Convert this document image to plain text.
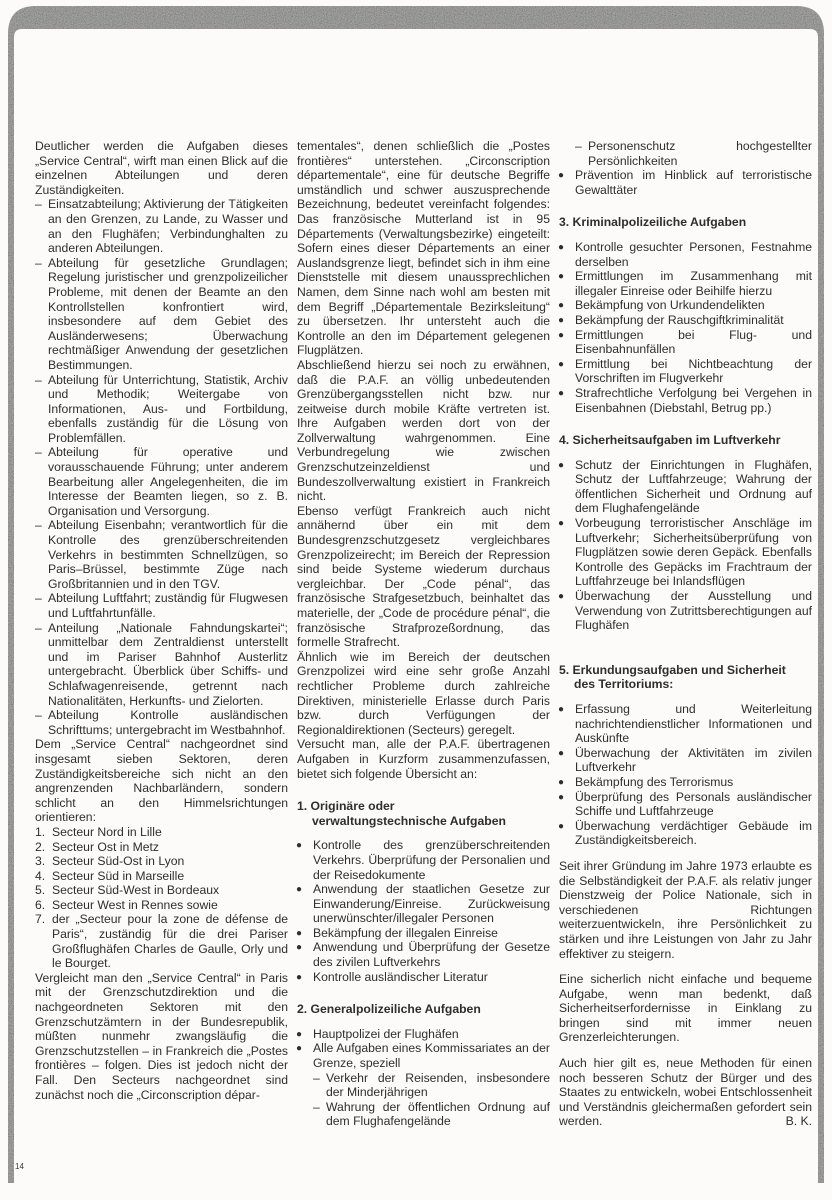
Deutlicher werden die Aufgaben dieses „Service Central“, wirft man einen Blick auf die einzelnen Abteilungen und deren Zuständigkeiten.

– Einsatzabteilung; Aktivierung der Tätigkeiten an den Grenzen, zu Lande, zu Wasser und an den Flughäfen; Verbindunghalten zu anderen Abteilungen.
– Abteilung für gesetzliche Grundlagen; Regelung juristischer und grenzpolizeilicher Probleme, mit denen der Beamte an den Kontrollstellen konfrontiert wird, insbesondere auf dem Gebiet des Ausländerwesens; Überwachung rechtmäßiger Anwendung der gesetzlichen Bestimmungen.
– Abteilung für Unterrichtung, Statistik, Archiv und Methodik; Weitergabe von Informationen, Aus- und Fortbildung, ebenfalls zuständig für die Lösung von Problemfällen.
– Abteilung für operative und vorausschauende Führung; unter anderem Bearbeitung aller Angelegenheiten, die im Interesse der Beamten liegen, so z. B. Organisation und Versorgung.
– Abteilung Eisenbahn; verantwortlich für die Kontrolle des grenzüberschreitenden Verkehrs in bestimmten Schnellzügen, so Paris–Brüssel, bestimmte Züge nach Großbritannien und in den TGV.
– Abteilung Luftfahrt; zuständig für Flugwesen und Luftfahrtunfälle.
– Anteilung „Nationale Fahndungskartei“; unmittelbar dem Zentraldienst unterstellt und im Pariser Bahnhof Austerlitz untergebracht. Überblick über Schiffs- und Schlafwagenreisende, getrennt nach Nationalitäten, Herkunfts- und Zielorten.
– Abteilung Kontrolle ausländischen Schrifttums; untergebracht im Westbahnhof.

Dem „Service Central“ nachgeordnet sind insgesamt sieben Sektoren, deren Zuständigkeitsbereiche sich nicht an den angrenzenden Nachbarländern, sondern schlicht an den Himmelsrichtungen orientieren:

1. Secteur Nord in Lille
2. Secteur Ost in Metz
3. Secteur Süd-Ost in Lyon
4. Secteur Süd in Marseille
5. Secteur Süd-West in Bordeaux
6. Secteur West in Rennes sowie
7. der „Secteur pour la zone de défense de Paris“, zuständig für die drei Pariser Großflughäfen Charles de Gaulle, Orly und le Bourget.

Vergleicht man den „Service Central“ in Paris mit der Grenzschutzdirektion und die nachgeordneten Sektoren mit den Grenzschutzämtern in der Bundesrepublik, müßten nunmehr zwangsläufig die Grenzschutzstellen – in Frankreich die „Postes frontières – folgen. Dies ist jedoch nicht der Fall. Den Secteurs nachgeordnet sind zunächst noch die „Circonscription dépar-

tementales“, denen schließlich die „Postes frontières“ unterstehen. „Circonscription départementale“, eine für deutsche Begriffe umständlich und schwer auszusprechende Bezeichnung, bedeutet vereinfacht folgendes: Das französische Mutterland ist in 95 Départements (Verwaltungsbezirke) eingeteilt: Sofern eines dieser Départements an einer Auslandsgrenze liegt, befindet sich in ihm eine Dienststelle mit diesem unaussprechlichen Namen, dem Sinne nach wohl am besten mit dem Begriff „Départementale Bezirksleitung“ zu übersetzen. Ihr untersteht auch die Kontrolle an den im Département gelegenen Flugplätzen.

Abschließend hierzu sei noch zu erwähnen, daß die P.A.F. an völlig unbedeutenden Grenzübergangsstellen nicht bzw. nur zeitweise durch mobile Kräfte vertreten ist. Ihre Aufgaben werden dort von der Zollverwaltung wahrgenommen. Eine Verbundregelung wie zwischen Grenzschutzeinzeldienst und Bundeszollverwaltung existiert in Frankreich nicht.

Ebenso verfügt Frankreich auch nicht annähernd über ein mit dem Bundesgrenzschutzgesetz vergleichbares Grenzpolizeirecht; im Bereich der Repression sind beide Systeme wiederum durchaus vergleichbar. Der „Code pénal“, das französische Strafgesetzbuch, beinhaltet das materielle, der „Code de procédure pénal“, die französische Strafprozeßordnung, das formelle Strafrecht.

Ähnlich wie im Bereich der deutschen Grenzpolizei wird eine sehr große Anzahl rechtlicher Probleme durch zahlreiche Direktiven, ministerielle Erlasse durch Paris bzw. durch Verfügungen der Regionaldirektionen (Secteurs) geregelt.

Versucht man, alle der P.A.F. übertragenen Aufgaben in Kurzform zusammenzufassen, bietet sich folgende Übersicht an:

1. Originäre oder
verwaltungstechnische Aufgaben
● Kontrolle des grenzüberschreitenden Verkehrs. Überprüfung der Personalien und der Reisedokumente
● Anwendung der staatlichen Gesetze zur Einwanderung/Einreise. Zurückweisung unerwünschter/illegaler Personen
● Bekämpfung der illegalen Einreise
● Anwendung und Überprüfung der Gesetze des zivilen Luftverkehrs
● Kontrolle ausländischer Literatur
2. Generalpolizeiliche Aufgaben
● Hauptpolizei der Flughäfen
● Alle Aufgaben eines Kommissariates an der Grenze, speziell
– Verkehr der Reisenden, insbesondere der Minderjährigen
– Wahrung der öffentlichen Ordnung auf dem Flughafengelände
– Personenschutz hochgestellter Persönlichkeiten
● Prävention im Hinblick auf terroristische Gewalttäter
3. Kriminalpolizeiliche Aufgaben
● Kontrolle gesuchter Personen, Festnahme derselben
● Ermittlungen im Zusammenhang mit illegaler Einreise oder Beihilfe hierzu
● Bekämpfung von Urkundendelikten
● Bekämpfung der Rauschgiftkriminalität
● Ermittlungen bei Flug- und Eisenbahnunfällen
● Ermittlung bei Nichtbeachtung der Vorschriften im Flugverkehr
● Strafrechtliche Verfolgung bei Vergehen in Eisenbahnen (Diebstahl, Betrug pp.)
4. Sicherheitsaufgaben im Luftverkehr
● Schutz der Einrichtungen in Flughäfen, Schutz der Luftfahrzeuge; Wahrung der öffentlichen Sicherheit und Ordnung auf dem Flughafengelände
● Vorbeugung terroristischer Anschläge im Luftverkehr; Sicherheitsüberprüfung von Flugplätzen sowie deren Gepäck. Ebenfalls Kontrolle des Gepäcks im Frachtraum der Luftfahrzeuge bei Inlandsflügen
● Überwachung der Ausstellung und Verwendung von Zutrittsberechtigungen auf Flughäfen
5. Erkundungsaufgaben und Sicherheit
des Territoriums:
● Erfassung und Weiterleitung nachrichtendienstlicher Informationen und Auskünfte
● Überwachung der Aktivitäten im zivilen Luftverkehr
● Bekämpfung des Terrorismus
● Überprüfung des Personals ausländischer Schiffe und Luftfahrzeuge
● Überwachung verdächtiger Gebäude im Zuständigkeitsbereich.

Seit ihrer Gründung im Jahre 1973 erlaubte es die Selbständigkeit der P.A.F. als relativ junger Dienstzweig der Police Nationale, sich in verschiedenen Richtungen weiterzuentwickeln, ihre Persönlichkeit zu stärken und ihre Leistungen von Jahr zu Jahr effektiver zu steigern.

Eine sicherlich nicht einfache und bequeme Aufgabe, wenn man bedenkt, daß Sicherheitserfordernisse in Einklang zu bringen sind mit immer neuen Grenzerleichterungen.

Auch hier gilt es, neue Methoden für einen noch besseren Schutz der Bürger und des Staates zu entwickeln, wobei Entschlossenheit und Verständnis gleichermaßen gefordert sein werden.	B. K.
14
